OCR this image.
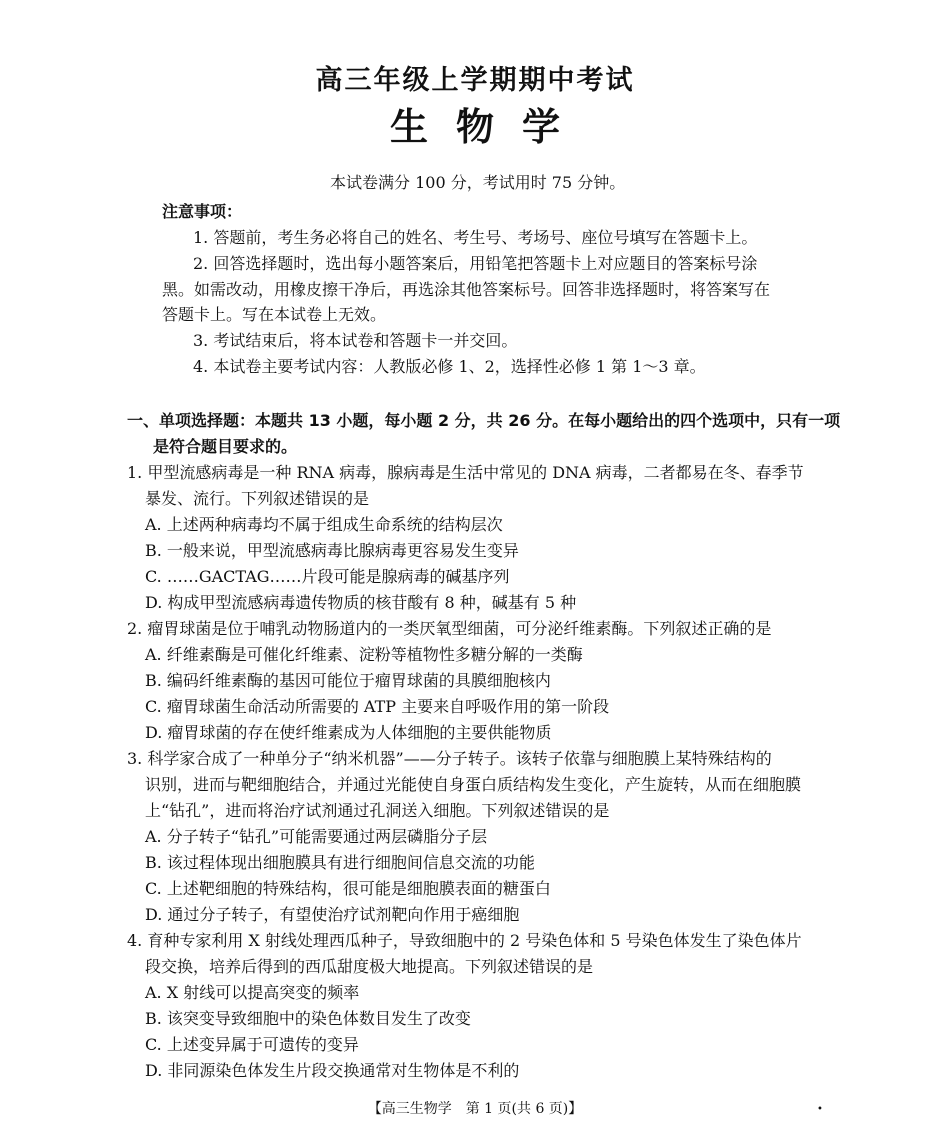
高三年级上学期期中考试
生物学
本试卷满分 100 分，考试用时 75 分钟。
注意事项：
1. 答题前，考生务必将自己的姓名、考生号、考场号、座位号填写在答题卡上。
2. 回答选择题时，选出每小题答案后，用铅笔把答题卡上对应题目的答案标号涂
黑。如需改动，用橡皮擦干净后，再选涂其他答案标号。回答非选择题时，将答案写在
答题卡上。写在本试卷上无效。
3. 考试结束后，将本试卷和答题卡一并交回。
4. 本试卷主要考试内容：人教版必修 1、2，选择性必修 1 第 1～3 章。
一、单项选择题：本题共 13 小题，每小题 2 分，共 26 分。在每小题给出的四个选项中，只有一项
是符合题目要求的。
1. 甲型流感病毒是一种 RNA 病毒，腺病毒是生活中常见的 DNA 病毒，二者都易在冬、春季节
暴发、流行。下列叙述错误的是
A. 上述两种病毒均不属于组成生命系统的结构层次
B. 一般来说，甲型流感病毒比腺病毒更容易发生变异
C. ……GACTAG……片段可能是腺病毒的碱基序列
D. 构成甲型流感病毒遗传物质的核苷酸有 8 种，碱基有 5 种
2. 瘤胃球菌是位于哺乳动物肠道内的一类厌氧型细菌，可分泌纤维素酶。下列叙述正确的是
A. 纤维素酶是可催化纤维素、淀粉等植物性多糖分解的一类酶
B. 编码纤维素酶的基因可能位于瘤胃球菌的具膜细胞核内
C. 瘤胃球菌生命活动所需要的 ATP 主要来自呼吸作用的第一阶段
D. 瘤胃球菌的存在使纤维素成为人体细胞的主要供能物质
3. 科学家合成了一种单分子“纳米机器”——分子转子。该转子依靠与细胞膜上某特殊结构的
识别，进而与靶细胞结合，并通过光能使自身蛋白质结构发生变化，产生旋转，从而在细胞膜
上“钻孔”，进而将治疗试剂通过孔洞送入细胞。下列叙述错误的是
A. 分子转子“钻孔”可能需要通过两层磷脂分子层
B. 该过程体现出细胞膜具有进行细胞间信息交流的功能
C. 上述靶细胞的特殊结构，很可能是细胞膜表面的糖蛋白
D. 通过分子转子，有望使治疗试剂靶向作用于癌细胞
4. 育种专家利用 X 射线处理西瓜种子，导致细胞中的 2 号染色体和 5 号染色体发生了染色体片
段交换，培养后得到的西瓜甜度极大地提高。下列叙述错误的是
A. X 射线可以提高突变的频率
B. 该突变导致细胞中的染色体数目发生了改变
C. 上述变异属于可遗传的变异
D. 非同源染色体发生片段交换通常对生物体是不利的
【高三生物学　第 1 页(共 6 页)】	•
